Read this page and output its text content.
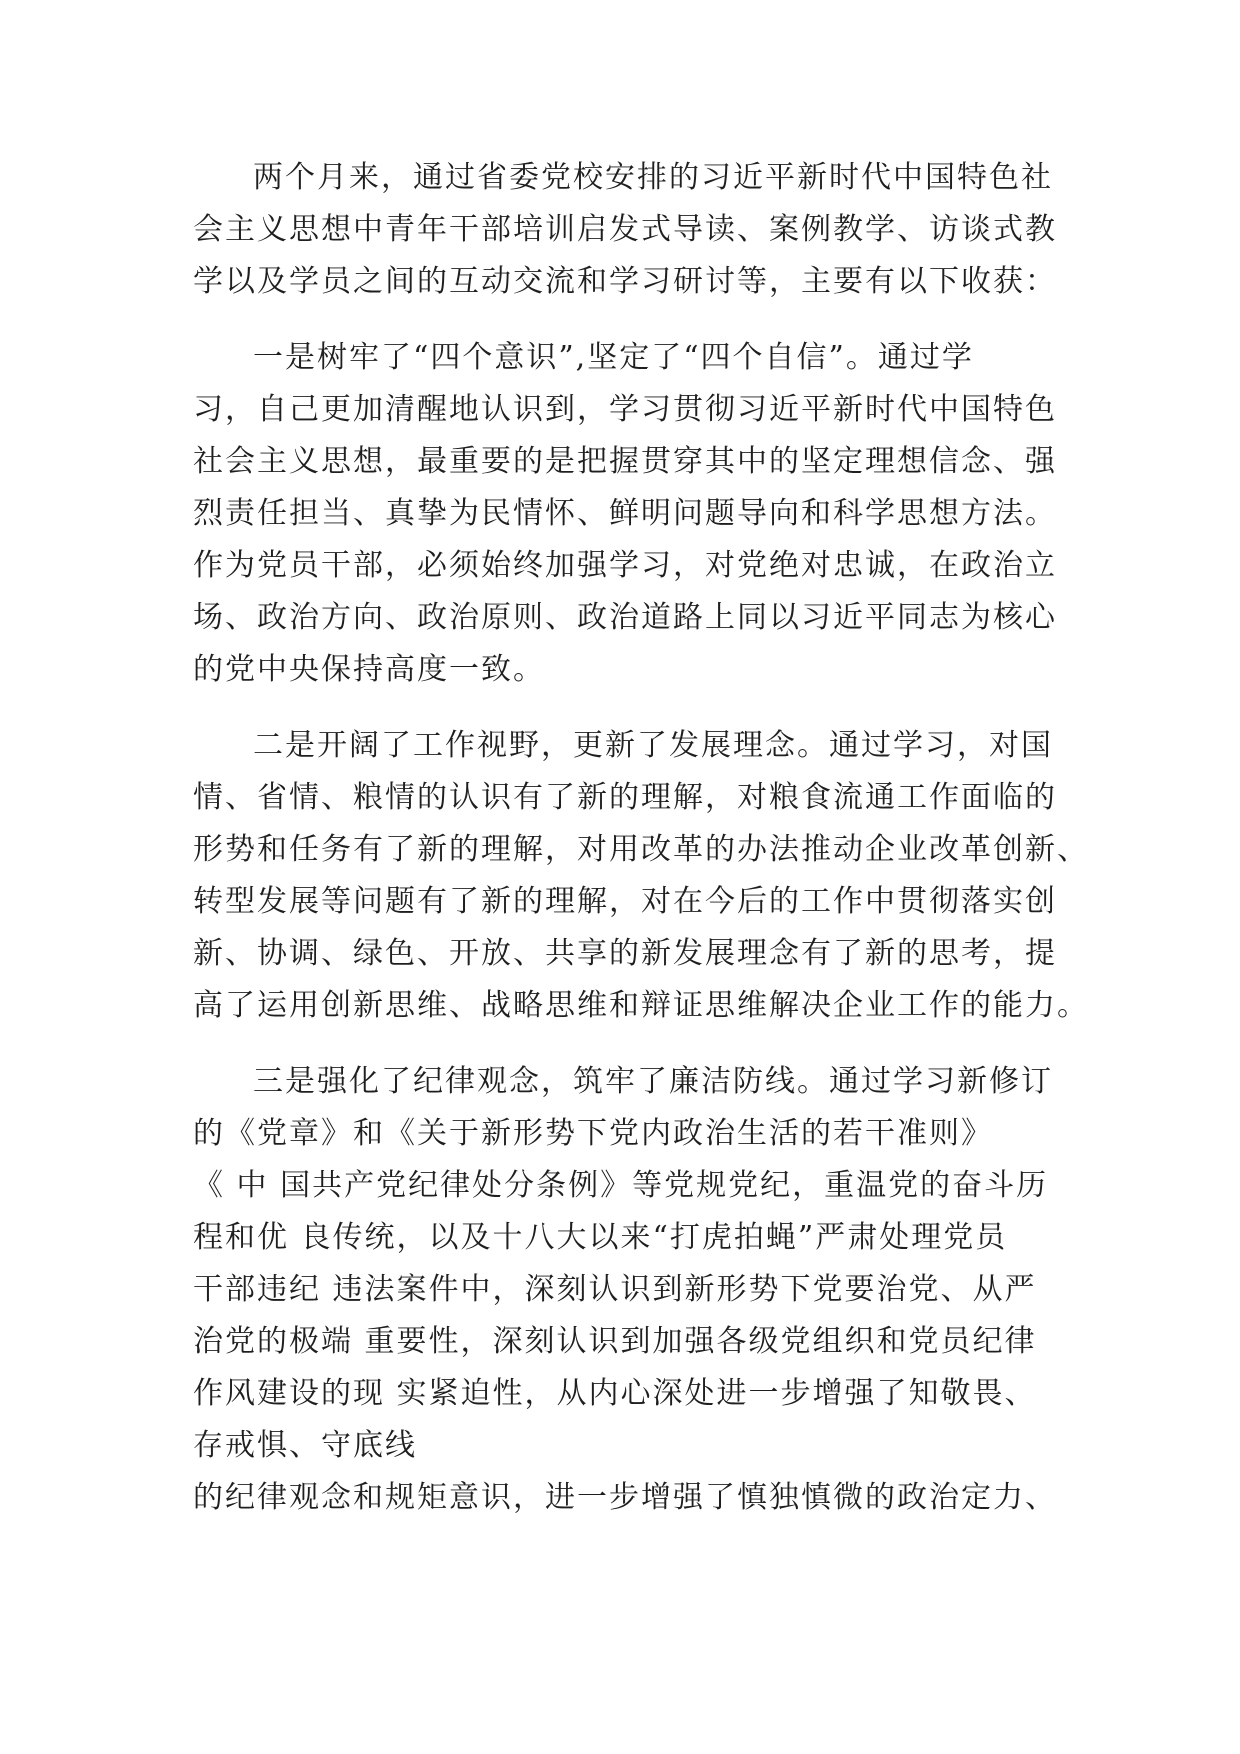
两个月来，通过省委党校安排的习近平新时代中国特色社
会主义思想中青年干部培训启发式导读、案例教学、访谈式教
学以及学员之间的互动交流和学习研讨等，主要有以下收获：
一是树牢了“四个意识”,坚定了“四个自信”。通过学
习，自己更加清醒地认识到，学习贯彻习近平新时代中国特色
社会主义思想，最重要的是把握贯穿其中的坚定理想信念、强
烈责任担当、真挚为民情怀、鲜明问题导向和科学思想方法。
作为党员干部，必须始终加强学习，对党绝对忠诚，在政治立
场、政治方向、政治原则、政治道路上同以习近平同志为核心
的党中央保持高度一致。
二是开阔了工作视野，更新了发展理念。通过学习，对国
情、省情、粮情的认识有了新的理解，对粮食流通工作面临的
形势和任务有了新的理解，对用改革的办法推动企业改革创新、
转型发展等问题有了新的理解，对在今后的工作中贯彻落实创
新、协调、绿色、开放、共享的新发展理念有了新的思考，提
高了运用创新思维、战略思维和辩证思维解决企业工作的能力。
三是强化了纪律观念，筑牢了廉洁防线。通过学习新修订
的《党章》和《关于新形势下党内政治生活的若干准则》
《 中 国共产党纪律处分条例》等党规党纪，重温党的奋斗历
程和优 良传统，以及十八大以来“打虎拍蝇”严肃处理党员
干部违纪 违法案件中，深刻认识到新形势下党要治党、从严
治党的极端 重要性，深刻认识到加强各级党组织和党员纪律
作风建设的现 实紧迫性，从内心深处进一步增强了知敬畏、
存戒惧、守底线
的纪律观念和规矩意识，进一步增强了慎独慎微的政治定力、
